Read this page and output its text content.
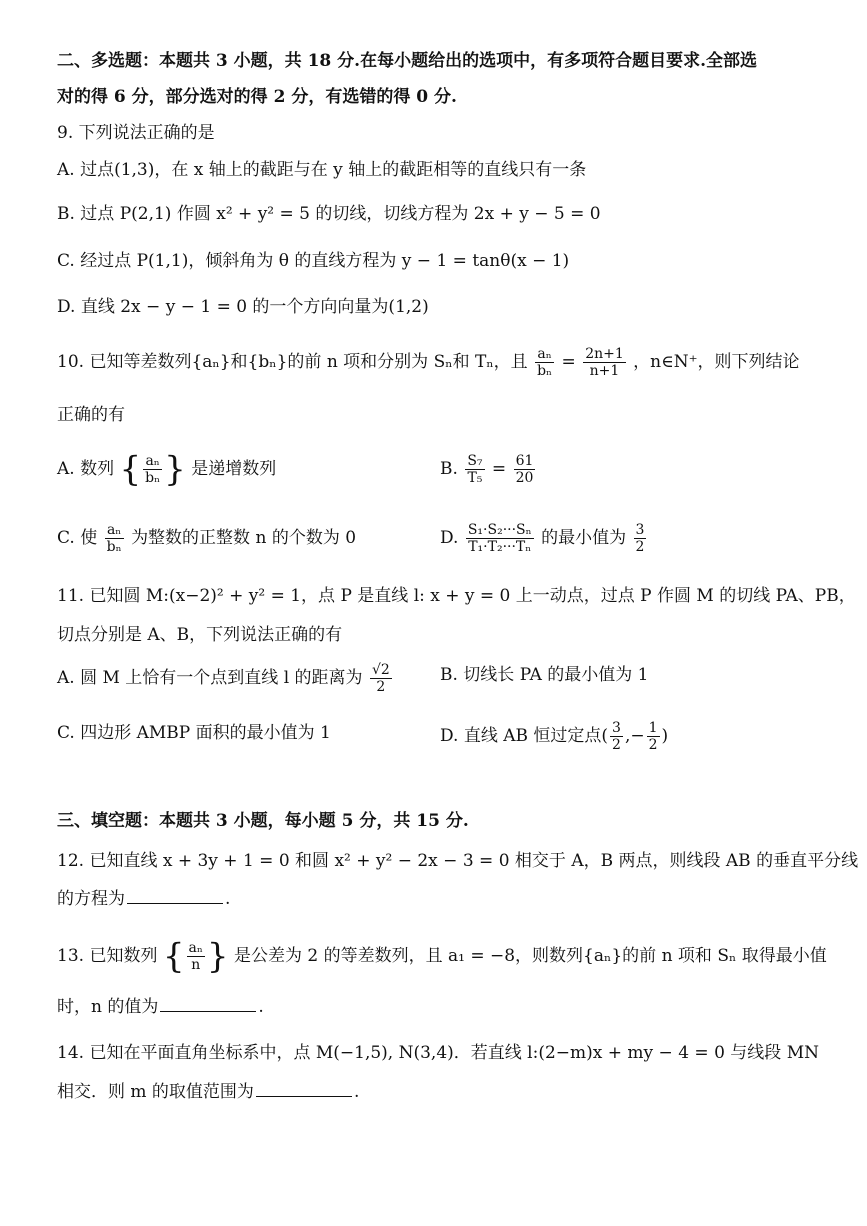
二、多选题：本题共 3 小题，共 18 分.在每小题给出的选项中，有多项符合题目要求.全部选
对的得 6 分，部分选对的得 2 分，有选错的得 0 分.
9. 下列说法正确的是
A. 过点(1,3)，在 x 轴上的截距与在 y 轴上的截距相等的直线只有一条
B. 过点 P(2,1) 作圆 x² + y² = 5 的切线，切线方程为 2x + y − 5 = 0
C. 经过点 P(1,1)，倾斜角为 θ 的直线方程为 y − 1 = tanθ(x − 1)
D. 直线 2x − y − 1 = 0 的一个方向向量为(1,2)
10. 已知等差数列{aₙ}和{bₙ}的前 n 项和分别为 Sₙ和 Tₙ，且 $\frac{\text{aₙ}}{\text{bₙ}} = \frac{2n+1}{n+1}$ ，n∈N⁺，则下列结论
正确的有
A. 数列 { $\frac{\text{aₙ}}{\text{bₙ}}$ } 是递增数列	B. $\frac{\text{S₇}}{\text{T₅}} = \frac{61}{20}$
C. 使 $\frac{\text{aₙ}}{\text{bₙ}}$ 为整数的正整数 n 的个数为 0	D. $\frac{\text{S₁·S₂···Sₙ}}{\text{T₁·T₂···Tₙ}}$ 的最小值为 $\frac{3}{2}$
11. 已知圆 M:(x−2)² + y² = 1，点 P 是直线 l: x + y = 0 上一动点，过点 P 作圆 M 的切线 PA、PB，
切点分别是 A、B，下列说法正确的有
A. 圆 M 上恰有一个点到直线 l 的距离为 $\frac{√2}{2}$	B. 切线长 PA 的最小值为 1
C. 四边形 AMBP 面积的最小值为 1	D. 直线 AB 恒过定点( $\frac{3}{2}$ ,− $\frac{1}{2}$ )
三、填空题：本题共 3 小题，每小题 5 分，共 15 分.
12. 已知直线 x + 3y + 1 = 0 和圆 x² + y² − 2x − 3 = 0 相交于 A，B 两点，则线段 AB 的垂直平分线
的方程为	.
13. 已知数列 { $\frac{\text{aₙ}}{n}$ } 是公差为 2 的等差数列，且 a₁ = −8，则数列{aₙ}的前 n 项和 Sₙ 取得最小值
时，n 的值为	.
14. 已知在平面直角坐标系中，点 M(−1,5), N(3,4)．若直线 l:(2−m)x + my − 4 = 0 与线段 MN
相交．则 m 的取值范围为	.
